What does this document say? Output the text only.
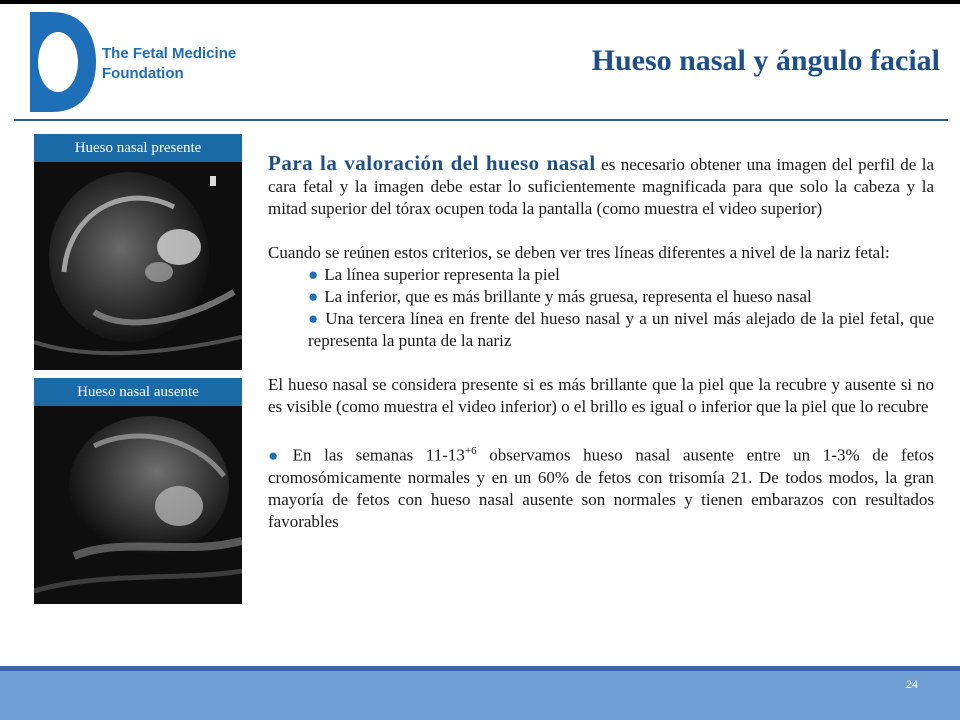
The Fetal Medicine
Foundation	Hueso nasal y ángulo facial
Hueso nasal presente
Hueso nasal ausente

Para la valoración del hueso nasal es necesario obtener una imagen del perfil de la cara fetal y la imagen debe estar lo suficientemente magnificada para que solo la cabeza y la mitad superior del tórax ocupen toda la pantalla (como muestra el video superior)

Cuando se reúnen estos criterios, se deben ver tres líneas diferentes a nivel de la nariz fetal:
● La línea superior representa la piel
● La inferior, que es más brillante y más gruesa, representa el hueso nasal
● Una tercera línea en frente del hueso nasal y a un nivel más alejado de la piel fetal, que representa la punta de la nariz

El hueso nasal se considera presente si es más brillante que la piel que la recubre y ausente si no es visible (como muestra el video inferior) o el brillo es igual o inferior que la piel que lo recubre

● En las semanas $11-13^{+6}$ observamos hueso nasal ausente entre un 1-3% de fetos cromosómicamente normales y en un 60% de fetos con trisomía 21. De todos modos, la gran mayoría de fetos con hueso nasal ausente son normales y tienen embarazos con resultados favorables

24
